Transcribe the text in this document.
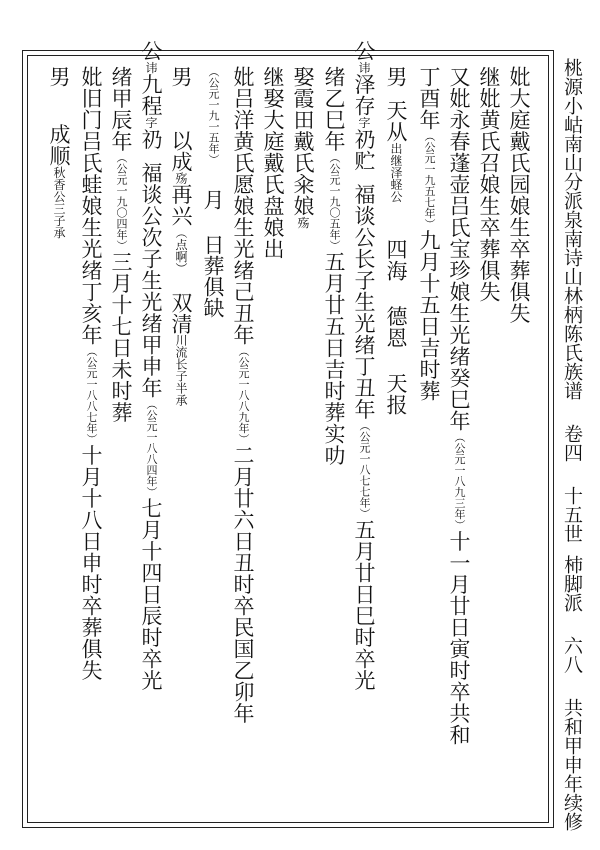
桃源小岵南山分派泉南诗山林柄陈氏族谱卷四十五世杮脚派六八共和甲申年续修
妣大庭戴氏园娘生卒葬俱失
继妣黄氏召娘生卒葬俱失
又妣永春蓬壶吕氏宝珍娘生光绪癸巳年（公元一八九三年）十一月廿日寅时卒共和
丁酉年（公元一九五七年）九月十五日吉时葬
男天从出继泽蛏公四海德恩天报
公讳泽存字礽贮福谈公长子生光绪丁丑年（公元一八七七年）五月廿日巳时卒光
绪乙巳年（公元一九〇五年）五月廿五日吉时葬实叻
娶霞田戴氏籴娘殇
继娶大庭戴氏盘娘出
妣吕洋黄氏愿娘生光绪己丑年（公元一八八九年）二月廿六日丑时卒民国乙卯年
（公元一九一五年）月日葬俱缺
男再兴（点啊）
以成殇双清川流长子半承
公讳九程字礽福谈公次子生光绪甲申年（公元一八八四年）七月十四日辰时卒光
绪甲辰年（公元一九〇四年）三月十七日未时葬
妣旧门吕氏蛙娘生光绪丁亥年（公元一八八七年）十月十八日申时卒葬俱失
男成顺秋香公三子承
